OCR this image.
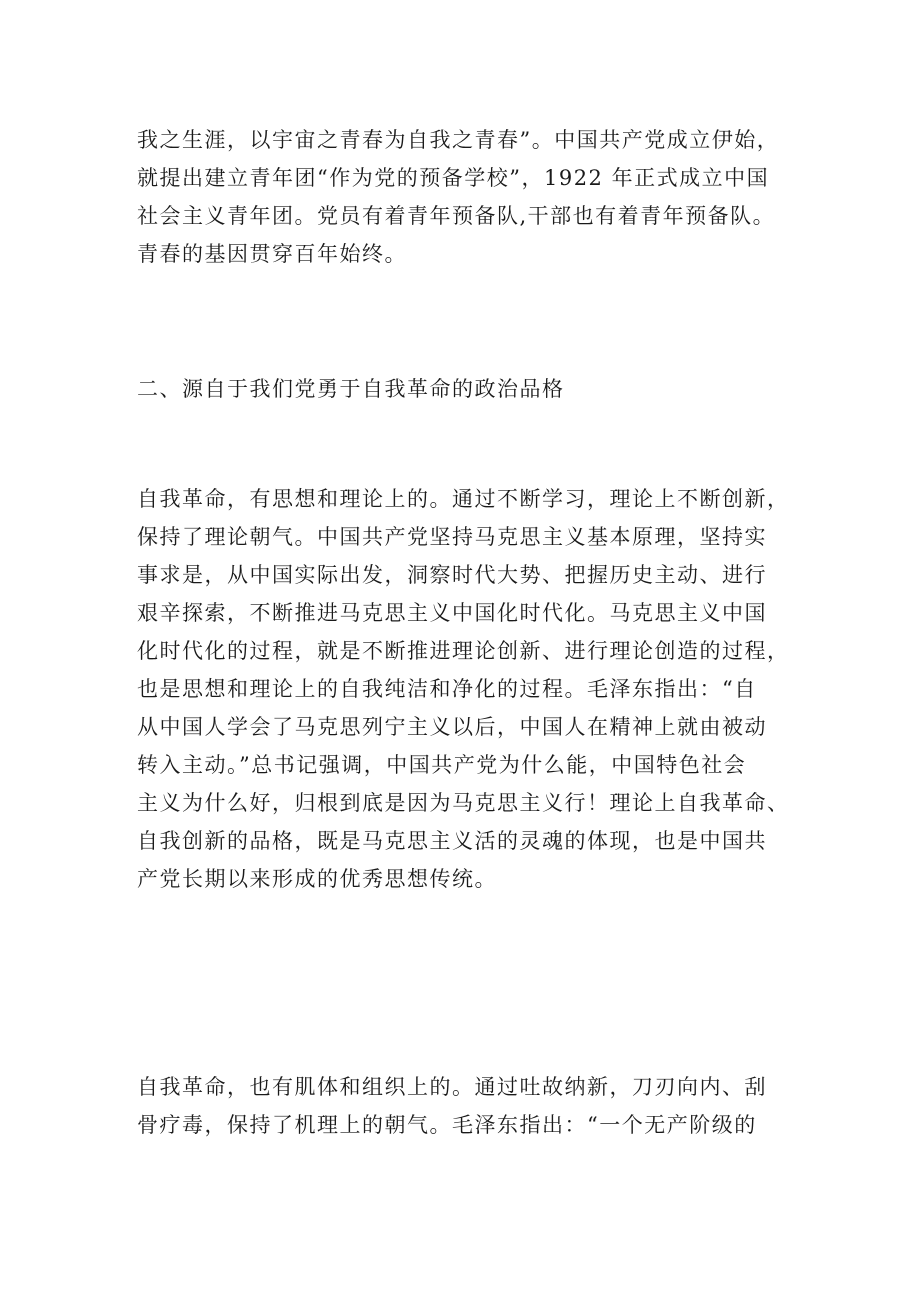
我之生涯，以宇宙之青春为自我之青春”。中国共产党成立伊始，
就提出建立青年团“作为党的预备学校”，1922 年正式成立中国
社会主义青年团。党员有着青年预备队,干部也有着青年预备队。
青春的基因贯穿百年始终。
二、源自于我们党勇于自我革命的政治品格
自我革命，有思想和理论上的。通过不断学习，理论上不断创新，
保持了理论朝气。中国共产党坚持马克思主义基本原理，坚持实
事求是，从中国实际出发，洞察时代大势、把握历史主动、进行
艰辛探索，不断推进马克思主义中国化时代化。马克思主义中国
化时代化的过程，就是不断推进理论创新、进行理论创造的过程，
也是思想和理论上的自我纯洁和净化的过程。毛泽东指出：“自
从中国人学会了马克思列宁主义以后，中国人在精神上就由被动
转入主动。”总书记强调，中国共产党为什么能，中国特色社会
主义为什么好，归根到底是因为马克思主义行！理论上自我革命、
自我创新的品格，既是马克思主义活的灵魂的体现，也是中国共
产党长期以来形成的优秀思想传统。
自我革命，也有肌体和组织上的。通过吐故纳新，刀刃向内、刮
骨疗毒，保持了机理上的朝气。毛泽东指出：“一个无产阶级的
